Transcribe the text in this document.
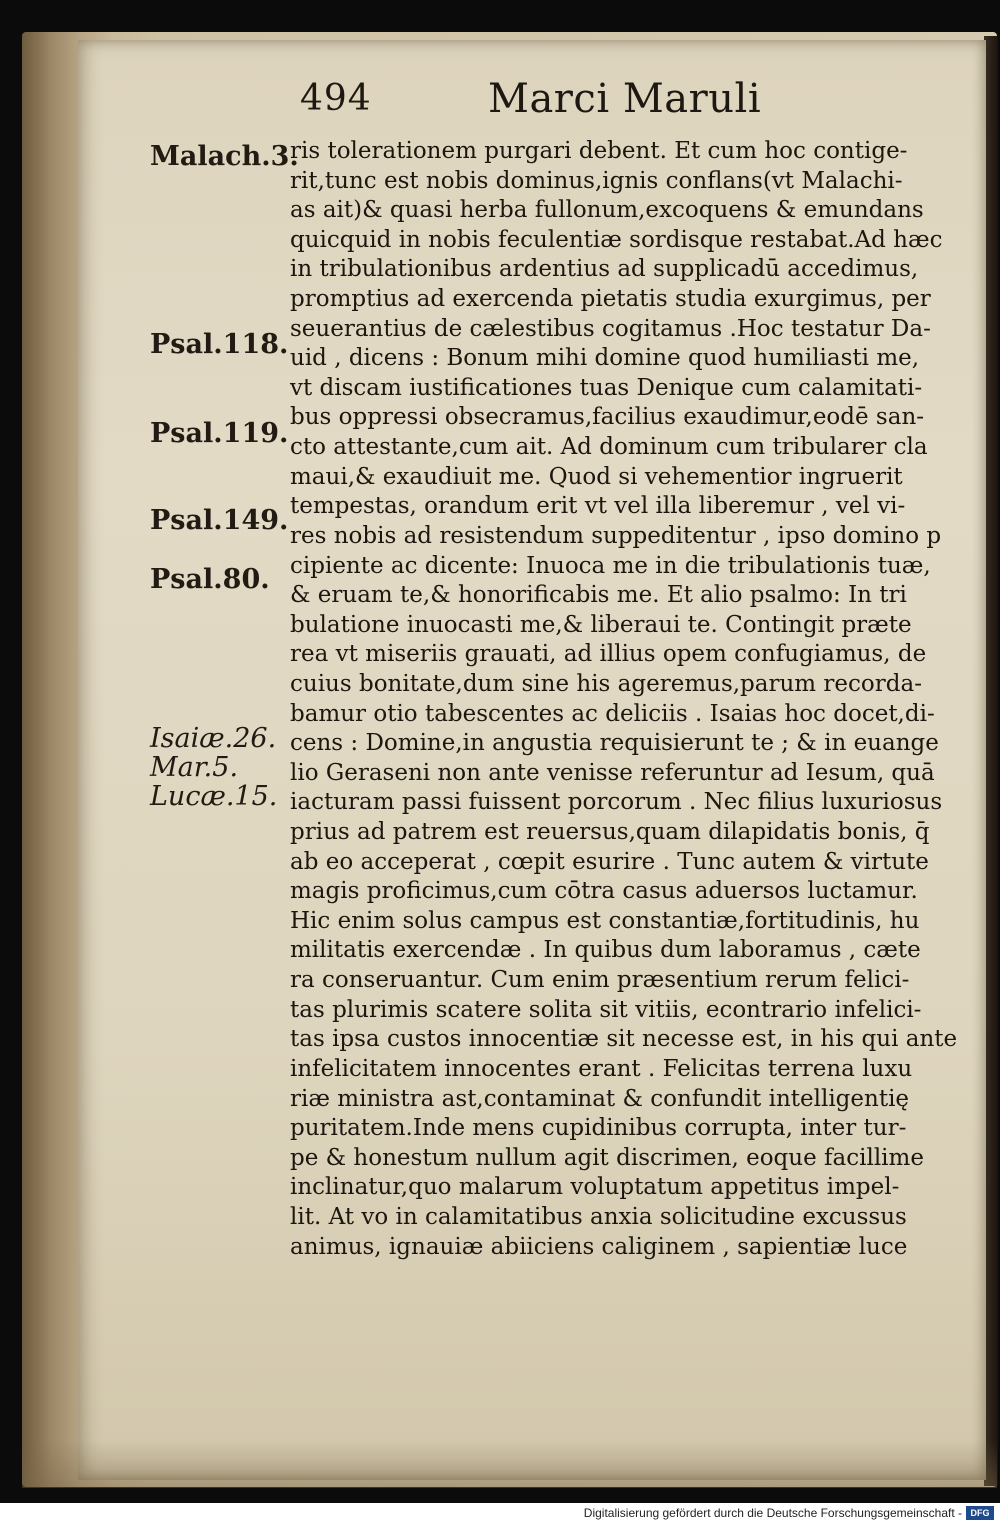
494	Marci Maruli
Malach.3.
Psal.118.
Psal.119.
Psal.149.
Psal.80.
Isaiæ.26.
Mar.5.
Lucæ.15.
ris tolerationem purgari debent. Et cum hoc contige-
rit,tunc est nobis dominus,ignis conflans(vt Malachi-
as ait)& quasi herba fullonum,excoquens & emundans
quicquid in nobis feculentiæ sordisque restabat.Ad hæc
in tribulationibus ardentius ad supplicadū accedimus,
promptius ad exercenda pietatis studia exurgimus, per
seuerantius de cælestibus cogitamus .Hoc testatur Da-
uid , dicens : Bonum mihi domine quod humiliasti me,
vt discam iustificationes tuas Denique cum calamitati-
bus oppressi obsecramus,facilius exaudimur,eodē san-
cto attestante,cum ait. Ad dominum cum tribularer cla
maui,& exaudiuit me. Quod si vehementior ingruerit
tempestas, orandum erit vt vel illa liberemur , vel vi-
res nobis ad resistendum suppeditentur , ipso domino p
cipiente ac dicente: Inuoca me in die tribulationis tuæ,
& eruam te,& honorificabis me. Et alio psalmo: In tri
bulatione inuocasti me,& liberaui te. Contingit præte
rea vt miseriis grauati, ad illius opem confugiamus, de
cuius bonitate,dum sine his ageremus,parum recorda-
bamur otio tabescentes ac deliciis . Isaias hoc docet,di-
cens : Domine,in angustia requisierunt te ; & in euange
lio Geraseni non ante venisse referuntur ad Iesum, quā
iacturam passi fuissent porcorum . Nec filius luxuriosus
prius ad patrem est reuersus,quam dilapidatis bonis, q̄
ab eo acceperat , cœpit esurire . Tunc autem & virtute
magis proficimus,cum cōtra casus aduersos luctamur.
Hic enim solus campus est constantiæ,fortitudinis, hu
militatis exercendæ . In quibus dum laboramus , cæte
ra conseruantur. Cum enim præsentium rerum felici-
tas plurimis scatere solita sit vitiis, econtrario infelici-
tas ipsa custos innocentiæ sit necesse est, in his qui ante
infelicitatem innocentes erant . Felicitas terrena luxu
riæ ministra ast,contaminat & confundit intelligentię
puritatem.Inde mens cupidinibus corrupta, inter tur-
pe & honestum nullum agit discrimen, eoque facillime
inclinatur,quo malarum voluptatum appetitus impel-
lit. At vo in calamitatibus anxia solicitudine excussus
animus, ignauiæ abiiciens caliginem , sapientiæ luce
Digitalisierung gefördert durch die Deutsche Forschungsgemeinschaft - DFG
